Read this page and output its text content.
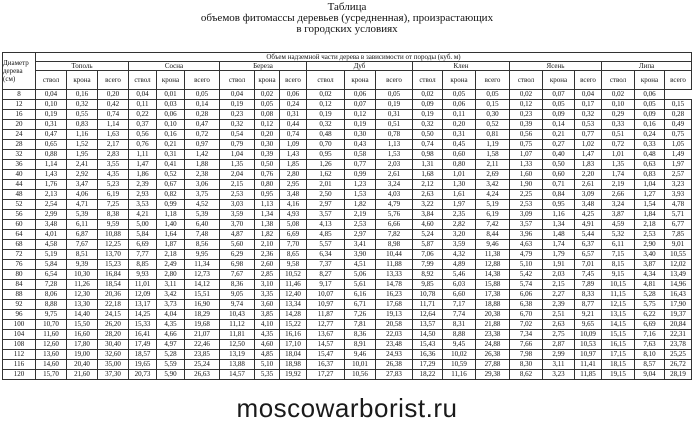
Таблица
объемов фитомассы деревьев (усредненная), произрастающих
в городских условиях
Диаметр дерева (см)	Объем надземной части дерева в зависимости от породы (куб. м)																				
	Тополь			Сосна			Береза			Дуб			Клен			Ясень			Липа		
	ствол	крона	всего	ствол	крона	всего	ствол	крона	всего	ствол	крона	всего	ствол	крона	всего	ствол	крона	всего	ствол	крона	всего
8	0,04	0,16	0,20	0,04	0,01	0,05	0,04	0,02	0,06	0,02	0,06	0,05	0,02	0,05	0,05	0,02	0,07	0,04	0,02	0,06	
12	0,10	0,32	0,42	0,11	0,03	0,14	0,19	0,05	0,24	0,12	0,07	0,19	0,09	0,06	0,15	0,12	0,05	0,17	0,10	0,05	0,15
16	0,19	0,55	0,74	0,22	0,06	0,28	0,23	0,08	0,31	0,19	0,12	0,31	0,19	0,11	0,30	0,23	0,09	0,32	0,29	0,09	0,28
20	0,31	0,83	1,14	0,37	0,10	0,47	0,32	0,12	0,44	0,32	0,19	0,51	0,32	0,20	0,52	0,39	0,14	0,53	0,33	0,16	0,49
24	0,47	1,16	1,63	0,56	0,16	0,72	0,54	0,20	0,74	0,48	0,30	0,78	0,50	0,31	0,81	0,56	0,21	0,77	0,51	0,24	0,75
28	0,65	1,52	2,17	0,76	0,21	0,97	0,79	0,30	1,09	0,70	0,43	1,13	0,74	0,45	1,19	0,75	0,27	1,02	0,72	0,33	1,05
32	0,88	1,95	2,83	1,11	0,31	1,42	1,04	0,39	1,43	0,95	0,58	1,53	0,98	0,60	1,58	1,07	0,40	1,47	1,01	0,48	1,49
36	1,14	2,41	3,55	1,47	0,41	1,88	1,35	0,50	1,85	1,26	0,77	2,03	1,31	0,80	2,11	1,33	0,50	1,83	1,35	0,63	1,97
40	1,43	2,92	4,35	1,86	0,52	2,38	2,04	0,76	2,80	1,62	0,99	2,61	1,68	1,01	2,69	1,60	0,60	2,20	1,74	0,83	2,57
44	1,76	3,47	5,23	2,39	0,67	3,06	2,15	0,80	2,95	2,01	1,23	3,24	2,12	1,30	3,42	1,90	0,71	2,61	2,19	1,04	3,23
48	2,13	4,06	6,19	2,93	0,82	3,75	2,53	0,95	3,48	2,50	1,53	4,03	2,63	1,61	4,24	2,25	0,84	3,09	2,66	1,27	3,93
52	2,54	4,71	7,25	3,53	0,99	4,52	3,03	1,13	4,16	2,97	1,82	4,79	3,22	1,97	5,19	2,53	0,95	3,48	3,24	1,54	4,78
56	2,99	5,39	8,38	4,21	1,18	5,39	3,59	1,34	4,93	3,57	2,19	5,76	3,84	2,35	6,19	3,09	1,16	4,25	3,87	1,84	5,71
60	3,48	6,11	9,59	5,00	1,40	6,40	3,70	1,38	5,08	4,13	2,53	6,66	4,60	2,82	7,42	3,57	1,34	4,91	4,59	2,18	6,77
64	4,01	6,87	10,88	5,84	1,64	7,48	4,87	1,82	6,69	4,85	2,97	7,82	5,24	3,20	8,44	3,96	1,48	5,44	5,32	2,53	7,85
68	4,58	7,67	12,25	6,69	1,87	8,56	5,60	2,10	7,70	5,57	3,41	8,98	5,87	3,59	9,46	4,63	1,74	6,37	6,11	2,90	9,01
72	5,19	8,51	13,70	7,77	2,18	9,95	6,29	2,36	8,65	6,34	3,90	10,44	7,06	4,32	11,38	4,79	1,79	6,57	7,15	3,40	10,55
76	5,84	9,39	15,23	8,85	2,49	11,34	6,98	2,60	9,58	7,37	4,51	11,88	7,99	4,89	12,88	5,10	1,91	7,01	8,15	3,87	12,02
80	6,54	10,30	16,84	9,93	2,80	12,73	7,67	2,85	10,52	8,27	5,06	13,33	8,92	5,46	14,38	5,42	2,03	7,45	9,15	4,34	13,49
84	7,28	11,26	18,54	11,01	3,11	14,12	8,36	3,10	11,46	9,17	5,61	14,78	9,85	6,03	15,88	5,74	2,15	7,89	10,15	4,81	14,96
88	8,06	12,30	20,36	12,09	3,42	15,51	9,05	3,35	12,40	10,07	6,16	16,23	10,78	6,60	17,38	6,06	2,27	8,33	11,15	5,28	16,43
92	8,88	13,30	22,18	13,17	3,73	16,90	9,74	3,60	13,34	10,97	6,71	17,68	11,71	7,17	18,88	6,38	2,39	8,77	12,15	5,75	17,90
96	9,75	14,40	24,15	14,25	4,04	18,29	10,43	3,85	14,28	11,87	7,26	19,13	12,64	7,74	20,38	6,70	2,51	9,21	13,15	6,22	19,37
100	10,70	15,50	26,20	15,33	4,35	19,68	11,12	4,10	15,22	12,77	7,81	20,58	13,57	8,31	21,88	7,02	2,63	9,65	14,15	6,69	20,84
104	11,60	16,60	28,20	16,41	4,66	21,07	11,81	4,35	16,16	13,67	8,36	22,03	14,50	8,88	23,38	7,34	2,75	10,09	15,15	7,16	22,31
108	12,60	17,80	30,40	17,49	4,97	22,46	12,50	4,60	17,10	14,57	8,91	23,48	15,43	9,45	24,88	7,66	2,87	10,53	16,15	7,63	23,78
112	13,60	19,00	32,60	18,57	5,28	23,85	13,19	4,85	18,04	15,47	9,46	24,93	16,36	10,02	26,38	7,98	2,99	10,97	17,15	8,10	25,25
116	14,60	20,40	35,00	19,65	5,59	25,24	13,88	5,10	18,98	16,37	10,01	26,38	17,29	10,59	27,88	8,30	3,11	11,41	18,15	8,57	26,72
120	15,70	21,60	37,30	20,73	5,90	26,63	14,57	5,35	19,92	17,27	10,56	27,83	18,22	11,16	29,38	8,62	3,23	11,85	19,15	9,04	28,19
moscowarborist.ru
